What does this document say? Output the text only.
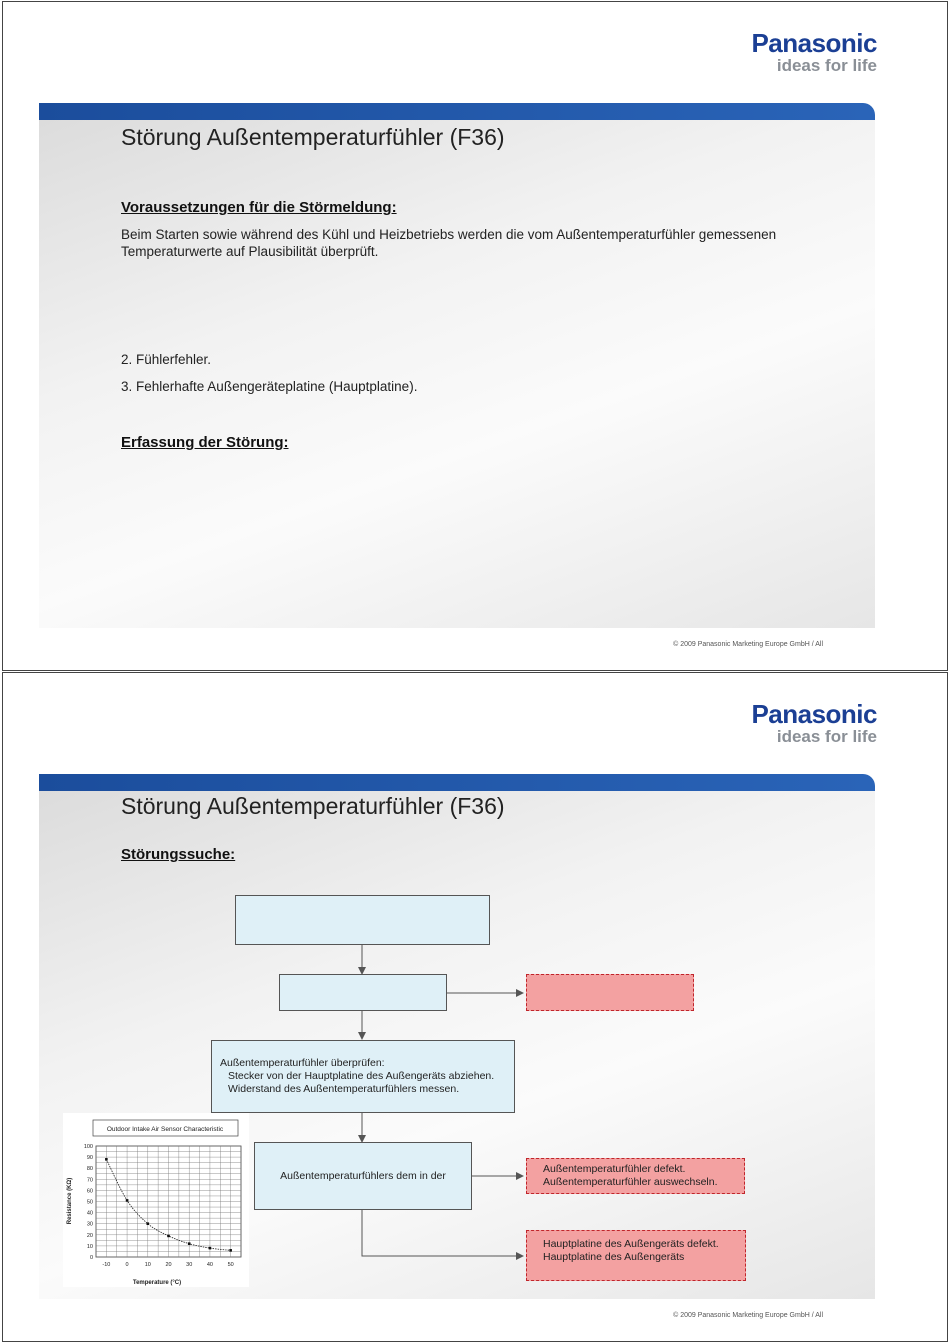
Panasonic
ideas for life
Störung Außentemperaturfühler (F36)
Voraussetzungen für die Störmeldung:
Beim Starten sowie während des Kühl und Heizbetriebs werden die vom Außentemperaturfühler gemessenen Temperaturwerte auf Plausibilität überprüft.
2. Fühlerfehler.
3. Fehlerhafte Außengeräteplatine (Hauptplatine).
Erfassung der Störung:
© 2009 Panasonic Marketing Europe GmbH / All
Panasonic
ideas for life
Störung Außentemperaturfühler (F36)
Störungssuche:
Außentemperaturfühler überprüfen:
Stecker von der Hauptplatine des Außengeräts abziehen.
Widerstand des Außentemperaturfühlers messen.
Außentemperaturfühlers dem in der
Außentemperaturfühler defekt.
Außentemperaturfühler auswechseln.
Hauptplatine des Außengeräts defekt.
Hauptplatine des Außengeräts
Outdoor Intake Air Sensor Characteristic
Temperature (°C)
Resistance (KΩ)
0
10
20
30
40
50
60
70
80
90
100
-10	0	10	20	30	40	50
© 2009 Panasonic Marketing Europe GmbH / All
